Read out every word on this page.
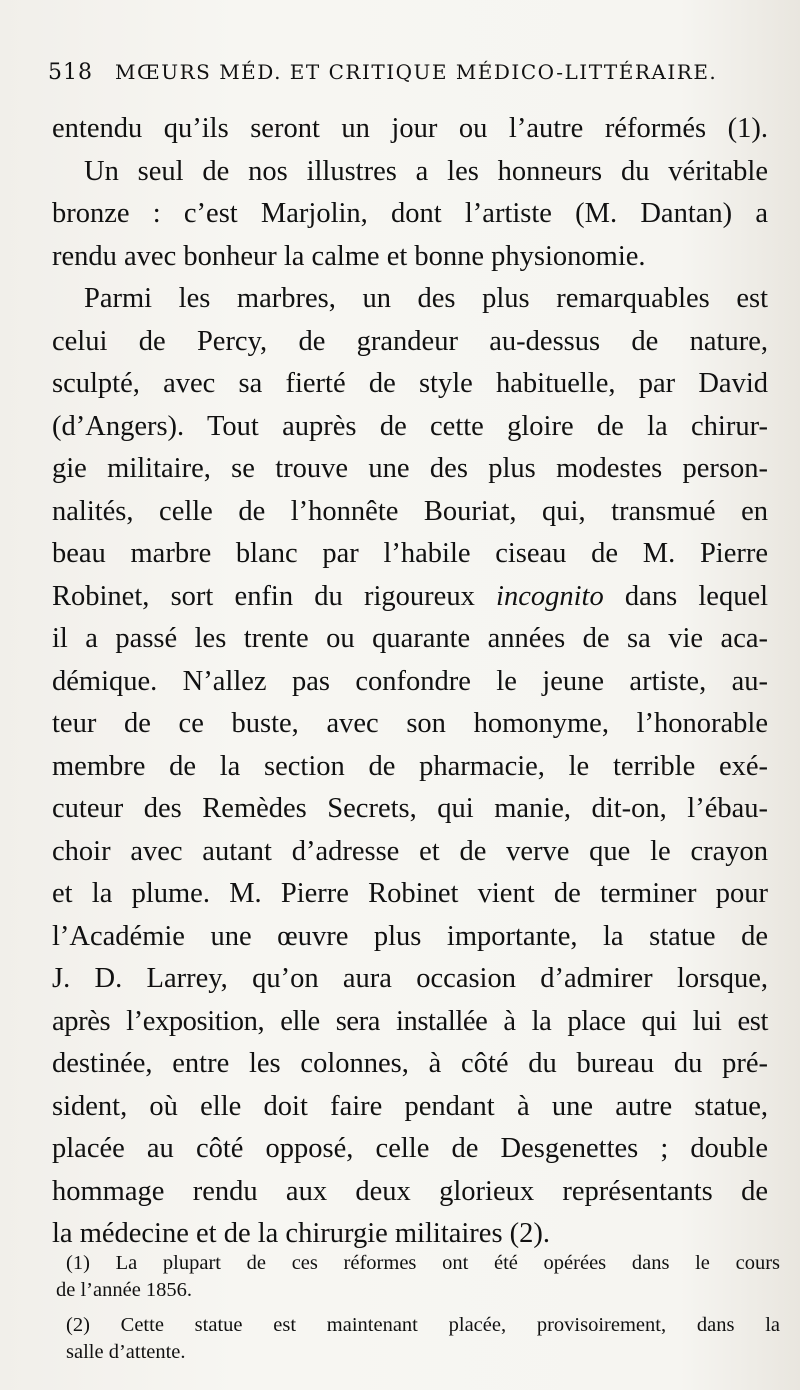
518 MŒURS MÉD. ET CRITIQUE MÉDICO-LITTÉRAIRE.
entendu qu’ils seront un jour ou l’autre réformés (1).
Un seul de nos illustres a les honneurs du véritable
bronze : c’est Marjolin, dont l’artiste (M. Dantan) a
rendu avec bonheur la calme et bonne physionomie.
Parmi les marbres, un des plus remarquables est
celui de Percy, de grandeur au-dessus de nature,
sculpté, avec sa fierté de style habituelle, par David
(d’Angers). Tout auprès de cette gloire de la chirur-
gie militaire, se trouve une des plus modestes person-
nalités, celle de l’honnête Bouriat, qui, transmué en
beau marbre blanc par l’habile ciseau de M. Pierre
Robinet, sort enfin du rigoureux incognito dans lequel
il a passé les trente ou quarante années de sa vie aca-
démique. N’allez pas confondre le jeune artiste, au-
teur de ce buste, avec son homonyme, l’honorable
membre de la section de pharmacie, le terrible exé-
cuteur des Remèdes Secrets, qui manie, dit-on, l’ébau-
choir avec autant d’adresse et de verve que le crayon
et la plume. M. Pierre Robinet vient de terminer pour
l’Académie une œuvre plus importante, la statue de
J. D. Larrey, qu’on aura occasion d’admirer lorsque,
après l’exposition, elle sera installée à la place qui lui est
destinée, entre les colonnes, à côté du bureau du pré-
sident, où elle doit faire pendant à une autre statue,
placée au côté opposé, celle de Desgenettes ; double
hommage rendu aux deux glorieux représentants de
la médecine et de la chirurgie militaires (2).
(1) La plupart de ces réformes ont été opérées dans le cours
de l’année 1856.
(2) Cette statue est maintenant placée, provisoirement, dans la
salle d’attente.
